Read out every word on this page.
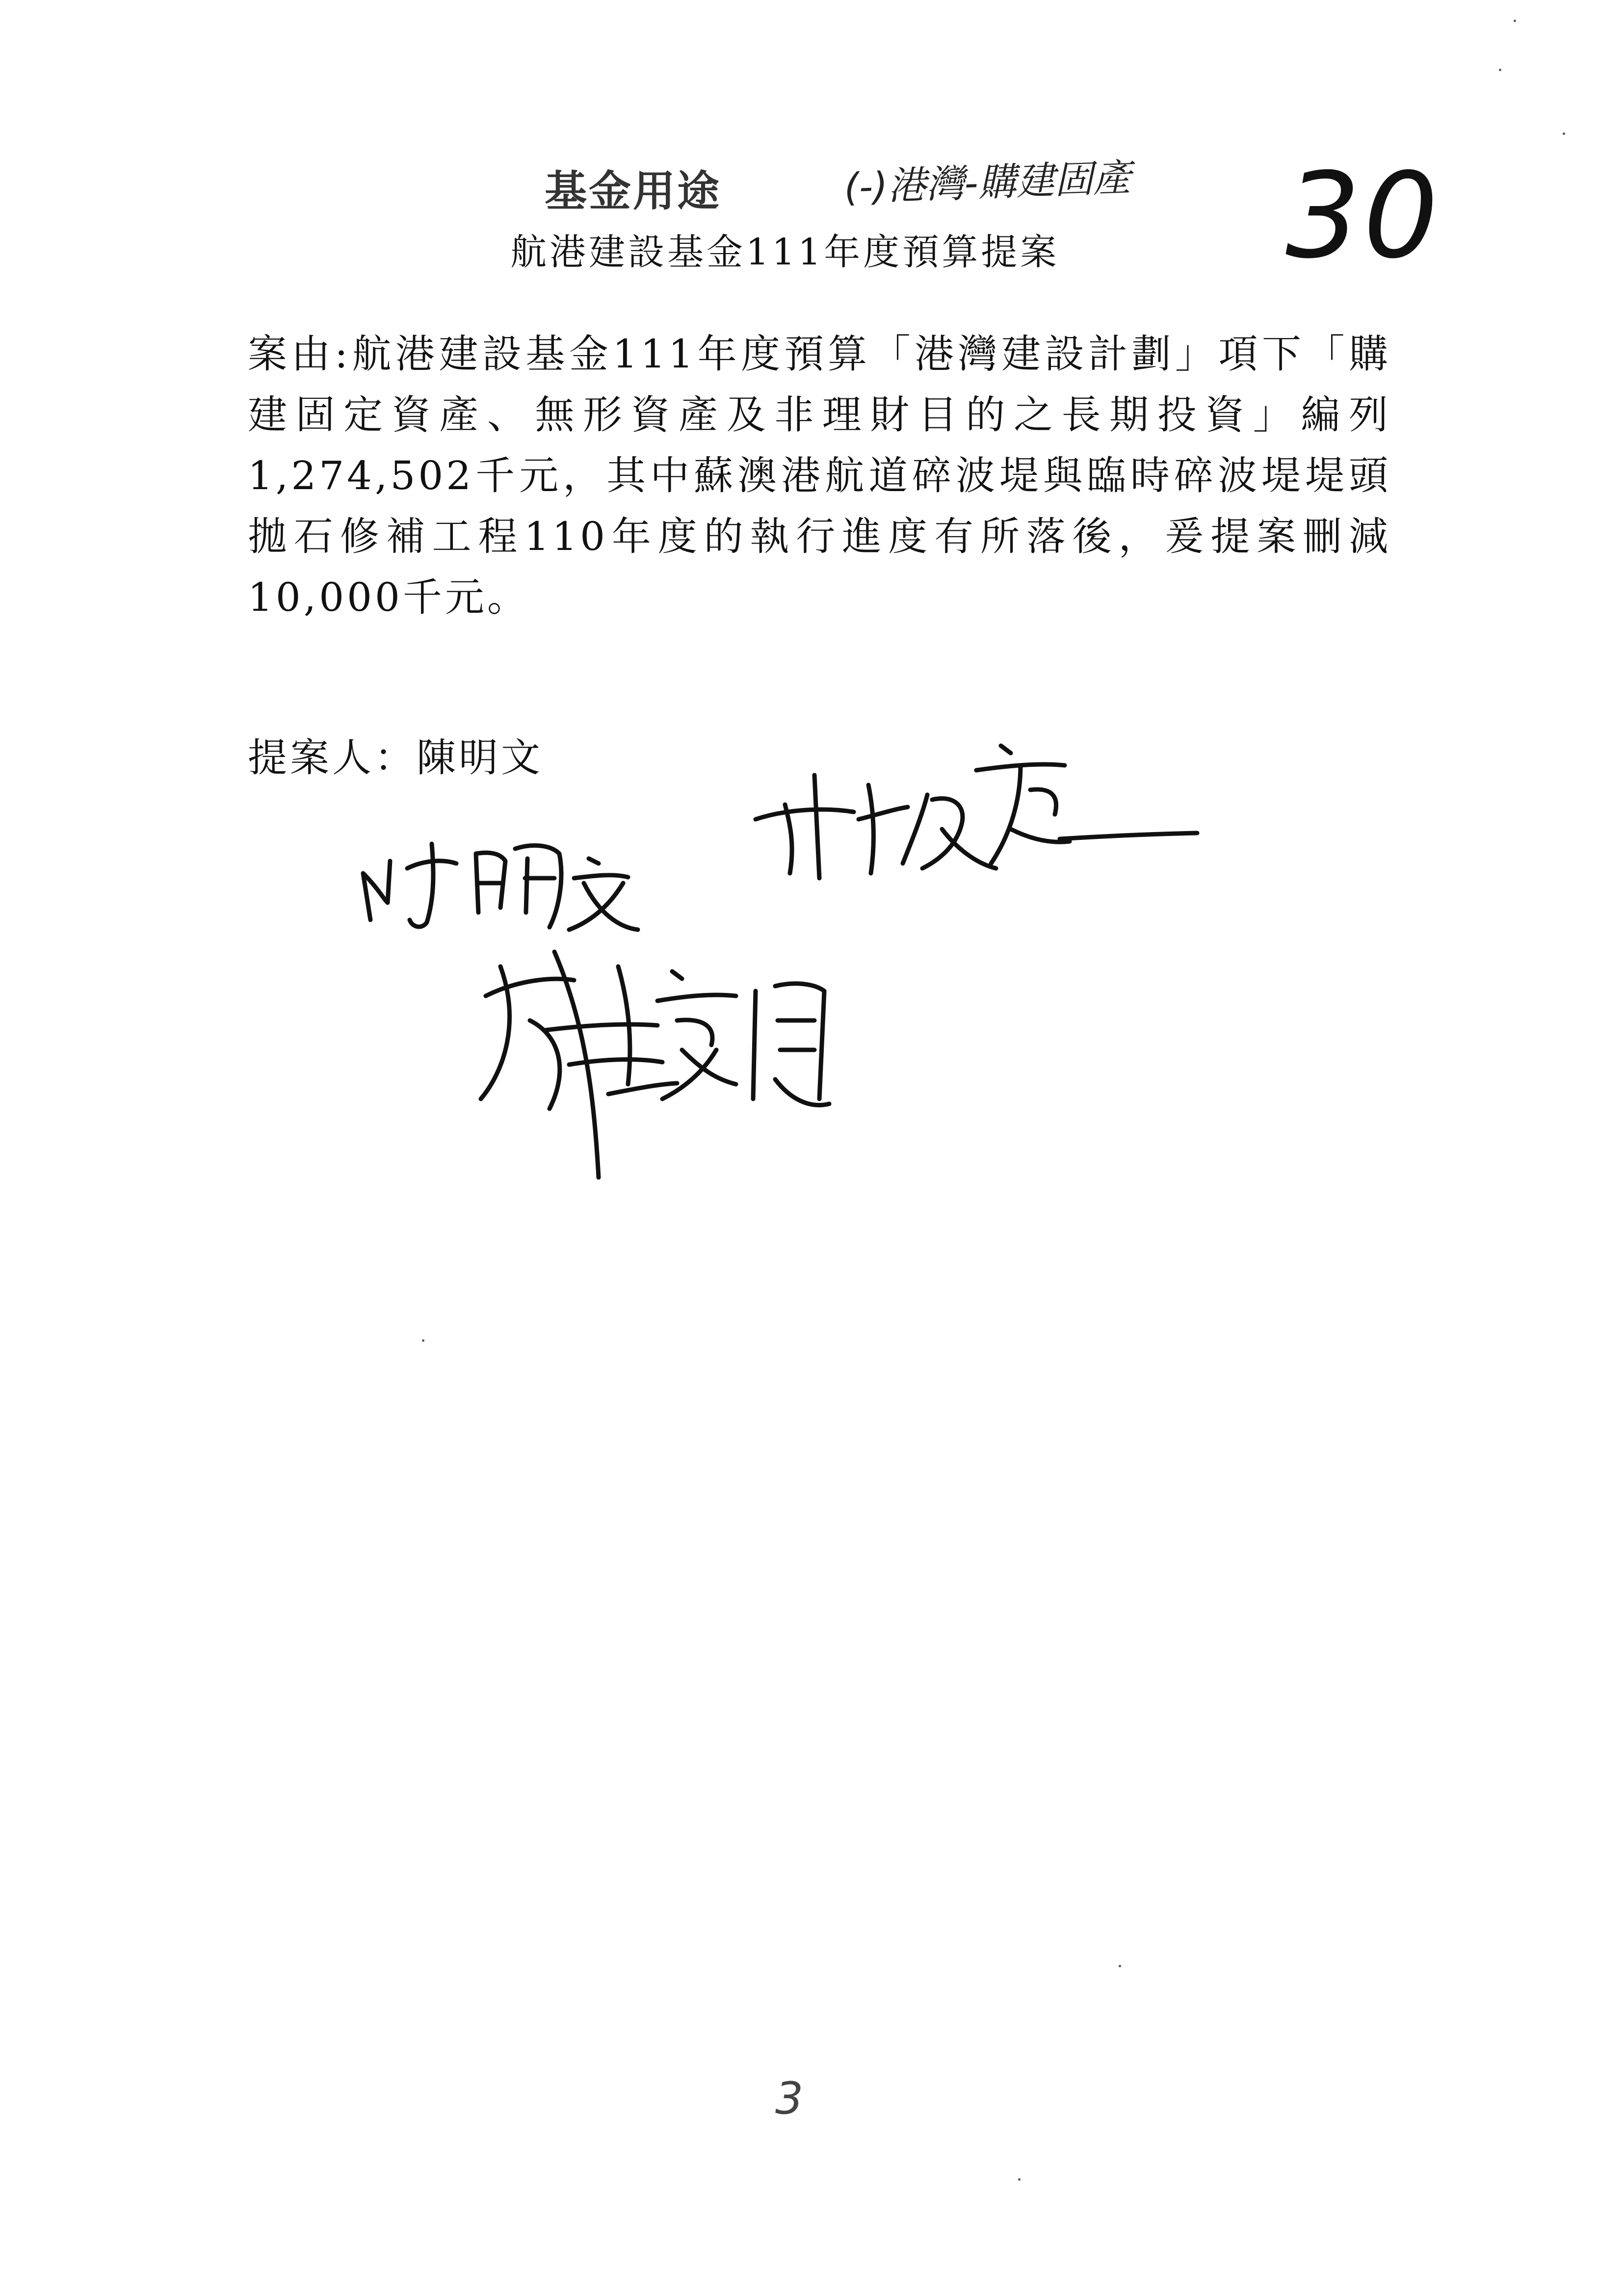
基金用途	(-)港灣-購建固產 30
航港建設基金111年度預算提案
案由:航港建設基金111年度預算「港灣建設計劃」項下「購建固定資產、無形資產及非理財目的之長期投資」編列1,274,502千元，其中蘇澳港航道碎波堤與臨時碎波堤堤頭拋石修補工程110年度的執行進度有所落後，爰提案刪減10,000千元。
提案人：陳明文
3
